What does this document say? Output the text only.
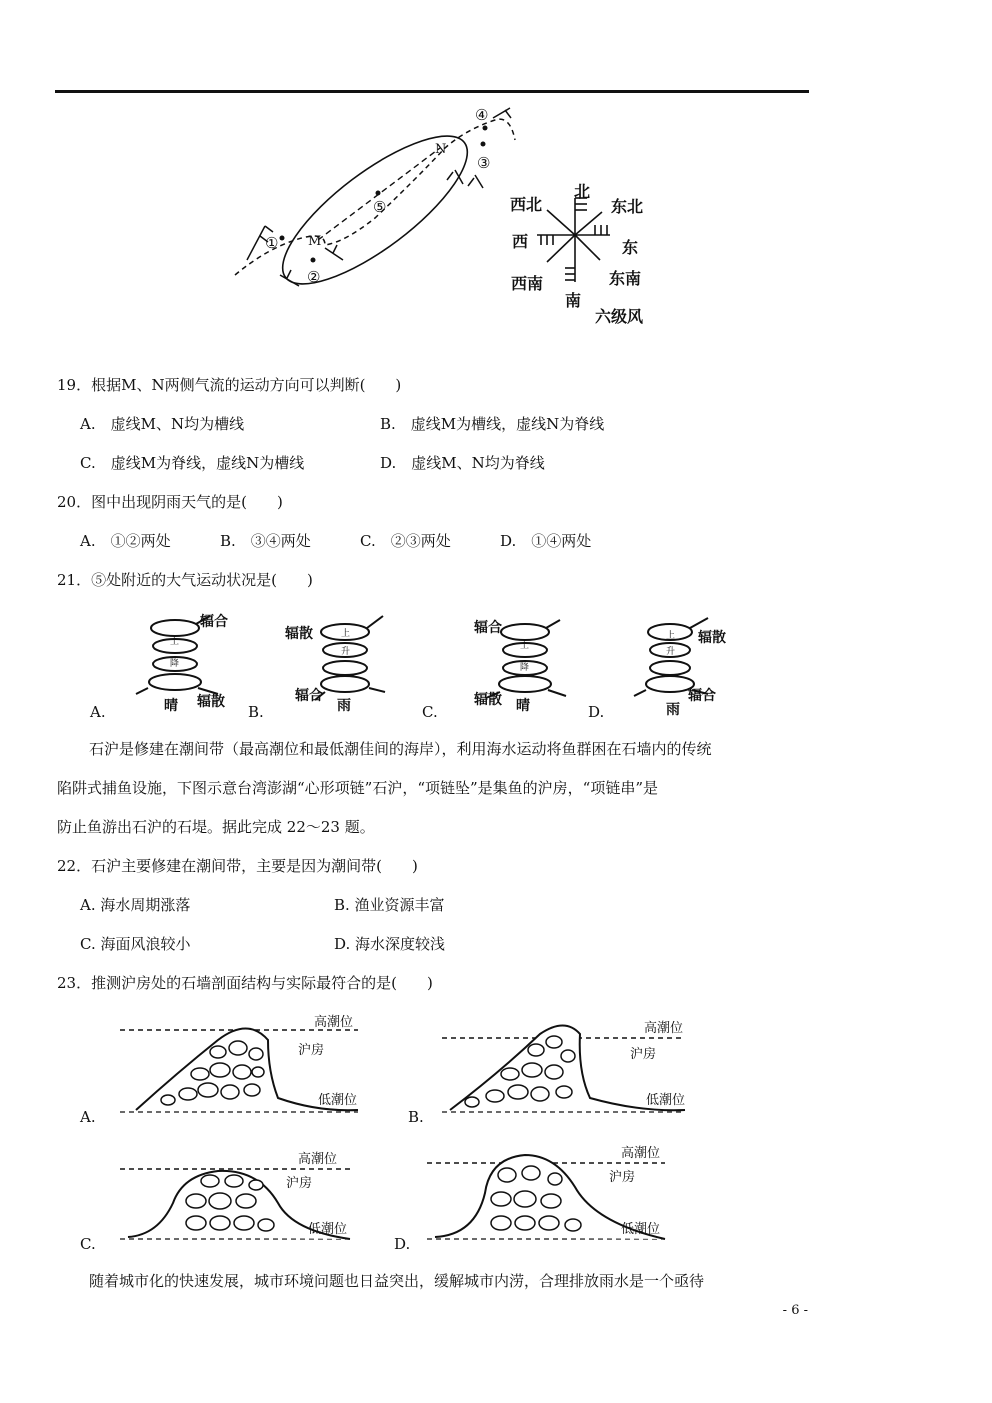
①
②
③
④
⑤
M
N
北
东北
东
东南
南
西南
西
西北
六级风
19．根据M、N两侧气流的运动方向可以判断(　　)
A.　虚线M、N均为槽线	B.　虚线M为槽线，虚线N为脊线
C.　虚线M为脊线，虚线N为槽线	D.　虚线M、N均为脊线
20．图中出现阴雨天气的是(　　)
A.　①②两处	B.　③④两处	C.　②③两处	D.　①④两处
21．⑤处附近的大气运动状况是(　　)
辐合
辐散
晴
上
降
辐散
辐合
雨
上
升
辐合
辐散 晴
上
降
辐散
辐合
雨
上
升
A.	B.	C.	D.
石沪是修建在潮间带（最高潮位和最低潮佳间的海岸），利用海水运动将鱼群困在石墙内的传统
陷阱式捕鱼设施，下图示意台湾澎湖“心形项链”石沪，“项链坠”是集鱼的沪房，“项链串”是
防止鱼游出石沪的石堤。据此完成 22～23 题。
22．石沪主要修建在潮间带，主要是因为潮间带(　　)
A. 海水周期涨落	B. 渔业资源丰富
C. 海面风浪较小	D. 海水深度较浅
23．推测沪房处的石墙剖面结构与实际最符合的是(　　)
高潮位
沪房
低潮位
高潮位
沪房
低潮位
A.	B.
高潮位
沪房
低潮位
高潮位
沪房
低潮位
C.	D.
随着城市化的快速发展，城市环境问题也日益突出，缓解城市内涝，合理排放雨水是一个亟待
- 6 -
